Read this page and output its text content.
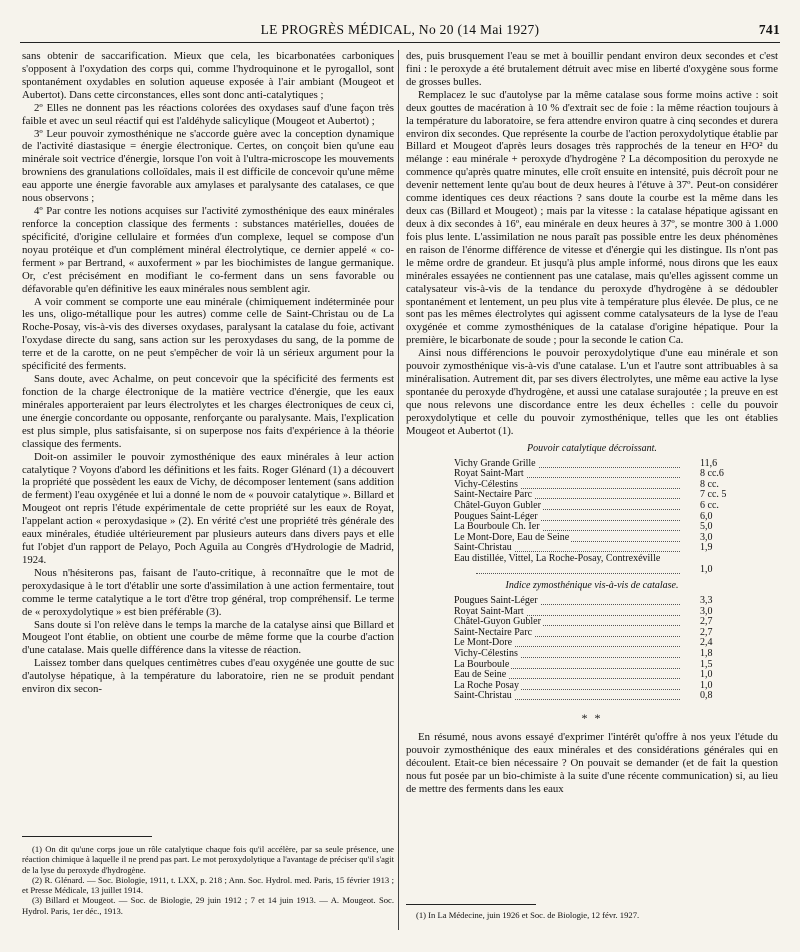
LE PROGRÈS MÉDICAL, No 20 (14 Mai 1927)	741

sans obtenir de saccarification. Mieux que cela, les bicarbonatées carboniques s'opposent à l'oxydation des corps qui, comme l'hydroquinone et le pyrogallol, sont spontanément oxydables en solution aqueuse exposée à l'air ambiant (Mougeot et Aubertot). Dans cette circonstances, elles sont donc anti-catalytiques ;

2º Elles ne donnent pas les réactions colorées des oxydases sauf d'une façon très faible et avec un seul réactif qui est l'aldéhyde salicylique (Mougeot et Aubertot) ;

3º Leur pouvoir zymosthénique ne s'accorde guère avec la conception dynamique de l'activité diastasique = énergie électronique. Certes, on conçoit bien qu'une eau minérale soit vectrice d'énergie, lorsque l'on voit à l'ultra-microscope les mouvements browniens des granulations colloïdales, mais il est difficile de concevoir qu'une même eau apporte une énergie favorable aux amylases et paralysante des catalases, ce que nous observons ;

4º Par contre les notions acquises sur l'activité zymosthénique des eaux minérales renforce la conception classique des ferments : substances matérielles, douées de spécificité, d'origine cellulaire et formées d'un complexe, lequel se compose d'un noyau protéique et d'un complément minéral électrolytique, ce dernier appelé « co-ferment » par Bertrand, « auxoferment » par les biochimistes de langue germanique. Or, c'est précisément en modifiant le co-ferment dans un sens favorable ou défavorable qu'en définitive les eaux minérales nous semblent agir.

A voir comment se comporte une eau minérale (chimiquement indéterminée pour les uns, oligo-métallique pour les autres) comme celle de Saint-Christau ou de La Roche-Posay, vis-à-vis des diverses oxydases, paralysant la catalase du foie, activant l'oxydase directe du sang, sans action sur les peroxydases du sang, de la pomme de terre et de la carotte, on ne peut s'empêcher de voir là un sérieux argument pour la spécificité des ferments.

Sans doute, avec Achalme, on peut concevoir que la spécificité des ferments est fonction de la charge électronique de la matière vectrice d'énergie, que les eaux minérales apporteraient par leurs électrolytes et les charges électroniques de ceux ci, une énergie concordante ou opposante, renforçante ou paralysante. Mais, l'explication est plus simple, plus satisfaisante, si on superpose nos faits d'expérience à la théorie classique des ferments.

Doit-on assimiler le pouvoir zymosthénique des eaux minérales à leur action catalytique ? Voyons d'abord les définitions et les faits. Roger Glénard (1) a découvert la propriété que possèdent les eaux de Vichy, de décomposer lentement (sans addition de ferment) l'eau oxygénée et lui a donné le nom de « pouvoir catalytique ». Billard et Mougeot ont repris l'étude expérimentale de cette propriété sur les eaux de Royat, l'appelant action « peroxydasique » (2). En vérité c'est une propriété très générale des eaux minérales, étudiée ultérieurement par plusieurs auteurs dans divers pays et elle fut l'objet d'un rapport de Pelayo, Poch Aguila au Congrès d'Hydrologie de Madrid, 1924.

Nous n'hésiterons pas, faisant de l'auto-critique, à reconnaître que le mot de peroxydasique à le tort d'établir une sorte d'assimilation à une action fermentaire, tout comme le terme catalytique a le tort d'être trop général, trop compréhensif. Le terme de « peroxydolytique » est bien préférable (3).

Sans doute si l'on relève dans le temps la marche de la catalyse ainsi que Billard et Mougeot l'ont établie, on obtient une courbe de même forme que la courbe d'action d'une catalase. Mais quelle différence dans la vitesse de réaction.

Laissez tomber dans quelques centimètres cubes d'eau oxygénée une goutte de suc d'autolyse hépatique, à la température du laboratoire, rien ne se produit pendant environ dix secon-

(1) On dit qu'une corps joue un rôle catalytique chaque fois qu'il accélère, par sa seule présence, une réaction chimique à laquelle il ne prend pas part. Le mot peroxydolytique a l'avantage de préciser qu'il s'agit de la lyse du peroxyde d'hydrogène.

(2) R. Glénard. — Soc. Biologie, 1911, t. LXX, p. 218 ; Ann. Soc. Hydrol. med. Paris, 15 février 1913 ; et Presse Médicale, 13 juillet 1914.

(3) Billard et Mougeot. — Soc. de Biologie, 29 juin 1912 ; 7 et 14 juin 1913. — A. Mougeot. Soc. Hydrol. Paris, 1er déc., 1913.

des, puis brusquement l'eau se met à bouillir pendant environ deux secondes et c'est fini : le peroxyde a été brutalement détruit avec mise en liberté d'oxygène sous forme de grosses bulles.

Remplacez le suc d'autolyse par la même catalase sous forme moins active : soit deux gouttes de macération à 10 % d'extrait sec de foie : la même réaction toujours à la température du laboratoire, se fera attendre environ quatre à cinq secondes et durera environ dix secondes. Que représente la courbe de l'action peroxydolytique établie par Billard et Mougeot d'après leurs dosages très rapprochés de la teneur en H²O² du mélange : eau minérale + peroxyde d'hydrogène ? La décomposition du peroxyde ne commence qu'après quatre minutes, elle croît ensuite en intensité, puis décroît pour ne devenir nettement lente qu'au bout de deux heures à l'étuve à 37º. Peut-on considérer comme identiques ces deux réactions ? sans doute la courbe est la même dans les deux cas (Billard et Mougeot) ; mais par la vitesse : la catalase hépatique agissant en deux à dix secondes à 16º, eau minérale en deux heures à 37º, se montre 300 à 1.000 fois plus lente. L'assimilation ne nous paraît pas possible entre les deux phénomènes en raison de l'énorme différence de vitesse et d'énergie qui les distingue. Ils n'ont pas le même ordre de grandeur. Et jusqu'à plus ample informé, nous dirons que les eaux minérales essayées ne contiennent pas une catalase, mais qu'elles agissent comme un catalysateur vis-à-vis de la tendance du peroxyde d'hydrogène à se dédoubler spontanément et lentement, un peu plus vite à température plus élevée. De plus, ce ne sont pas les mêmes électrolytes qui agissent comme catalysateurs de la lyse de l'eau oxygénée et comme zymosthéniques de la catalase d'origine hépatique. Pour la première, le bicarbonate de soude ; pour la seconde le cation Ca.

Ainsi nous différencions le pouvoir peroxydolytique d'une eau minérale et son pouvoir zymosthénique vis-à-vis d'une catalase. L'un et l'autre sont attribuables à sa minéralisation. Autrement dit, par ses divers électrolytes, une même eau active la lyse spontanée du peroxyde d'hydrogène, et aussi une catalase surajoutée ; la preuve en est que nous relevons une discordance entre les deux échelles : celle du pouvoir peroxydolytique et celle du pouvoir zymosthénique, telles que les ont établies Mougeot et Aubertot (1).

Pouvoir catalytique décroissant.
Vichy Grande Grille	11,6
Royat Saint-Mart	8 cc.6
Vichy-Célestins	8 cc.
Saint-Nectaire Parc	7 cc. 5
Châtel-Guyon Gubler	6 cc.
Pougues Saint-Léger	6,0
La Bourboule Ch. Ier	5,0
Le Mont-Dore, Eau de Seine	3,0
Saint-Christau	1,9
Eau distillée, Vittel, La Roche-Posay, Contrexéville
1,0
Indice zymosthénique vis-à-vis de catalase.
Pougues Saint-Léger	3,3
Royat Saint-Mart	3,0
Châtel-Guyon Gubler	2,7
Saint-Nectaire Parc	2,7
Le Mont-Dore	2,4
Vichy-Célestins	1,8
La Bourboule	1,5
Eau de Seine	1,0
La Roche Posay	1,0
Saint-Christau	0,8
* *

En résumé, nous avons essayé d'exprimer l'intérêt qu'offre à nos yeux l'étude du pouvoir zymosthénique des eaux minérales et des considérations générales qui en découlent. Etait-ce bien nécessaire ? On pouvait se demander (et de fait la question nous fut posée par un bio-chimiste à la suite d'une récente communication) si, au lieu de mettre des ferments dans les eaux

(1) In La Médecine, juin 1926 et Soc. de Biologie, 12 févr. 1927.
